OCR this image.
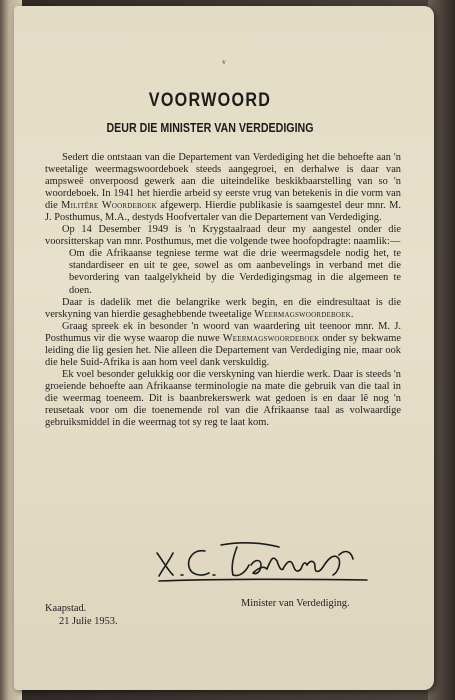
v
VOORWOORD
DEUR DIE MINISTER VAN VERDEDIGING

Sedert die ontstaan van die Departement van Verdediging het die behoefte aan 'n tweetalige weermagswoordeboek steeds aangegroei, en derhalwe is daar van ampsweë onverpoosd gewerk aan die uiteindelike beskikbaarstelling van so 'n woordeboek. In 1941 het hierdie arbeid sy eerste vrug van betekenis in die vorm van die Militêre Woordeboek afgewerp. Hierdie publikasie is saamgestel deur mnr. M. J. Posthumus, M.A., destyds Hoofvertaler van die Departement van Verdediging.

Op 14 Desember 1949 is 'n Krygstaalraad deur my aangestel onder die voorsitterskap van mnr. Posthumus, met die volgende twee hoofopdragte: naamlik:—

Om die Afrikaanse tegniese terme wat die drie weermagsdele nodig het, te standardiseer en uit te gee, sowel as om aanbevelings in verband met die bevordering van taalgelykheid by die Verdedigingsmag in die algemeen te doen.

Daar is dadelik met die belangrike werk begin, en die eindresultaat is die verskyning van hierdie gesaghebbende tweetalige Weermagswoordeboek.

Graag spreek ek in besonder 'n woord van waardering uit teenoor mnr. M. J. Posthumus vir die wyse waarop die nuwe Weermagswoordeboek onder sy bekwame leiding die lig gesien het. Nie alleen die Departement van Verdediging nie, maar ook die hele Suid-Afrika is aan hom veel dank verskuldig.

Ek voel besonder gelukkig oor die verskyning van hierdie werk. Daar is steeds 'n groeiende behoefte aan Afrikaanse terminologie na mate die gebruik van die taal in die weermag toeneem. Dit is baanbrekerswerk wat gedoen is en daar lê nog 'n reusetaak voor om die toenemende rol van die Afrikaanse taal as volwaardige gebruiksmiddel in die weermag tot sy reg te laat kom.

Minister van Verdediging.
Kaapstad.
21 Julie 1953.
